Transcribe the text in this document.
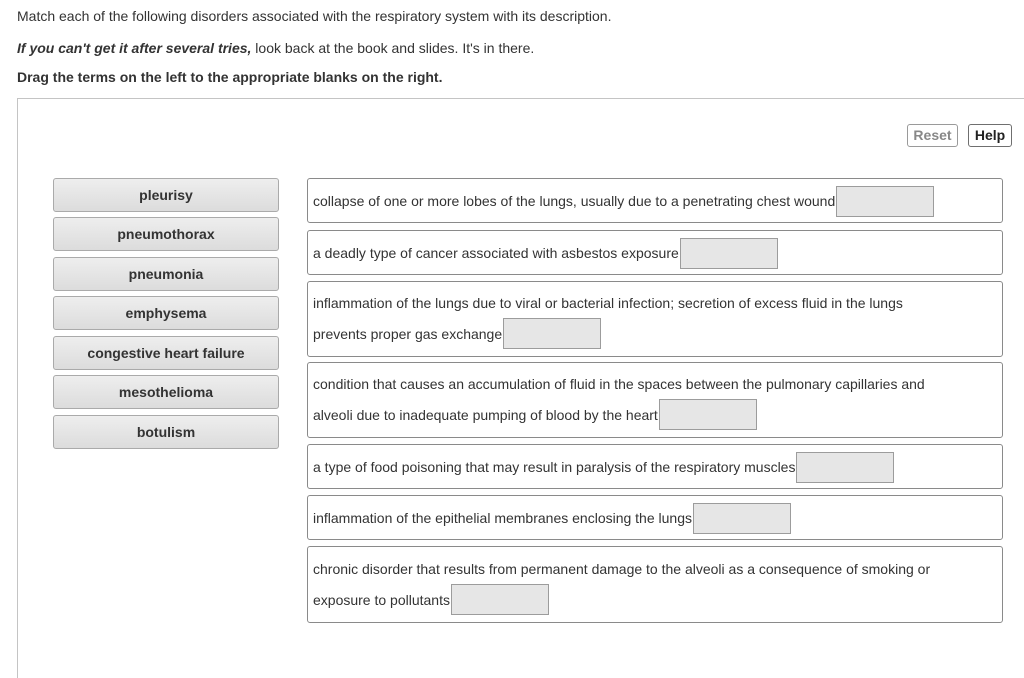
Match each of the following disorders associated with the respiratory system with its description.
If you can't get it after several tries, look back at the book and slides. It's in there.
Drag the terms on the left to the appropriate blanks on the right.
Reset	Help
pleurisy
pneumothorax
pneumonia
emphysema
congestive heart failure
mesothelioma
botulism
collapse of one or more lobes of the lungs, usually due to a penetrating chest wound
a deadly type of cancer associated with asbestos exposure
inflammation of the lungs due to viral or bacterial infection; secretion of excess fluid in the lungs
prevents proper gas exchange
condition that causes an accumulation of fluid in the spaces between the pulmonary capillaries and
alveoli due to inadequate pumping of blood by the heart
a type of food poisoning that may result in paralysis of the respiratory muscles
inflammation of the epithelial membranes enclosing the lungs
chronic disorder that results from permanent damage to the alveoli as a consequence of smoking or
exposure to pollutants
